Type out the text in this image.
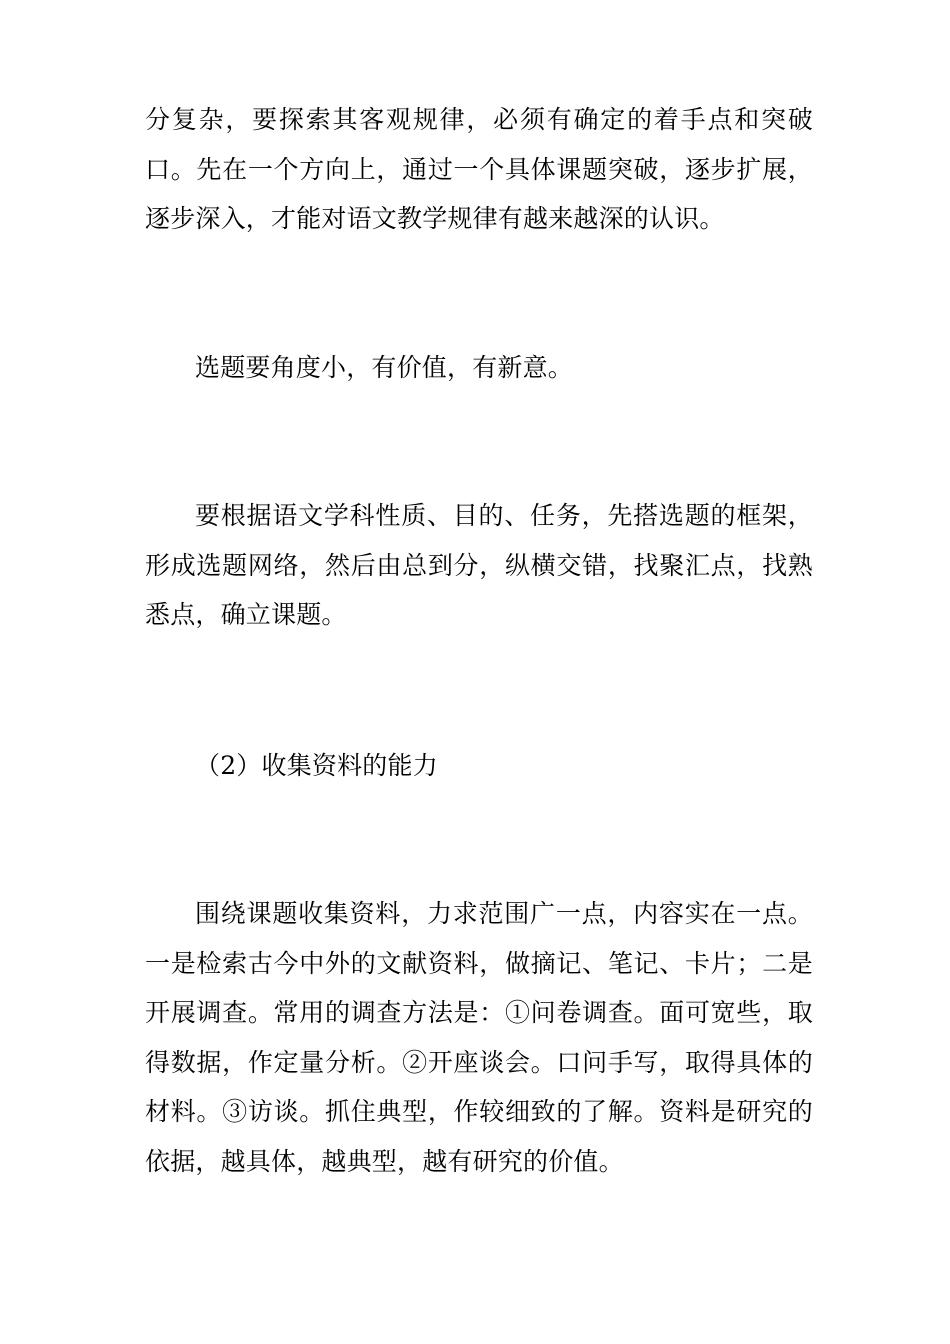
分复杂，要探索其客观规律，必须有确定的着手点和突破口。先在一个方向上，通过一个具体课题突破，逐步扩展，逐步深入，才能对语文教学规律有越来越深的认识。

选题要角度小，有价值，有新意。

要根据语文学科性质、目的、任务，先搭选题的框架，形成选题网络，然后由总到分，纵横交错，找聚汇点，找熟悉点，确立课题。

（2）收集资料的能力

围绕课题收集资料，力求范围广一点，内容实在一点。一是检索古今中外的文献资料，做摘记、笔记、卡片；二是开展调查。常用的调查方法是：①问卷调查。面可宽些，取得数据，作定量分析。②开座谈会。口问手写，取得具体的材料。③访谈。抓住典型，作较细致的了解。资料是研究的依据，越具体，越典型，越有研究的价值。
